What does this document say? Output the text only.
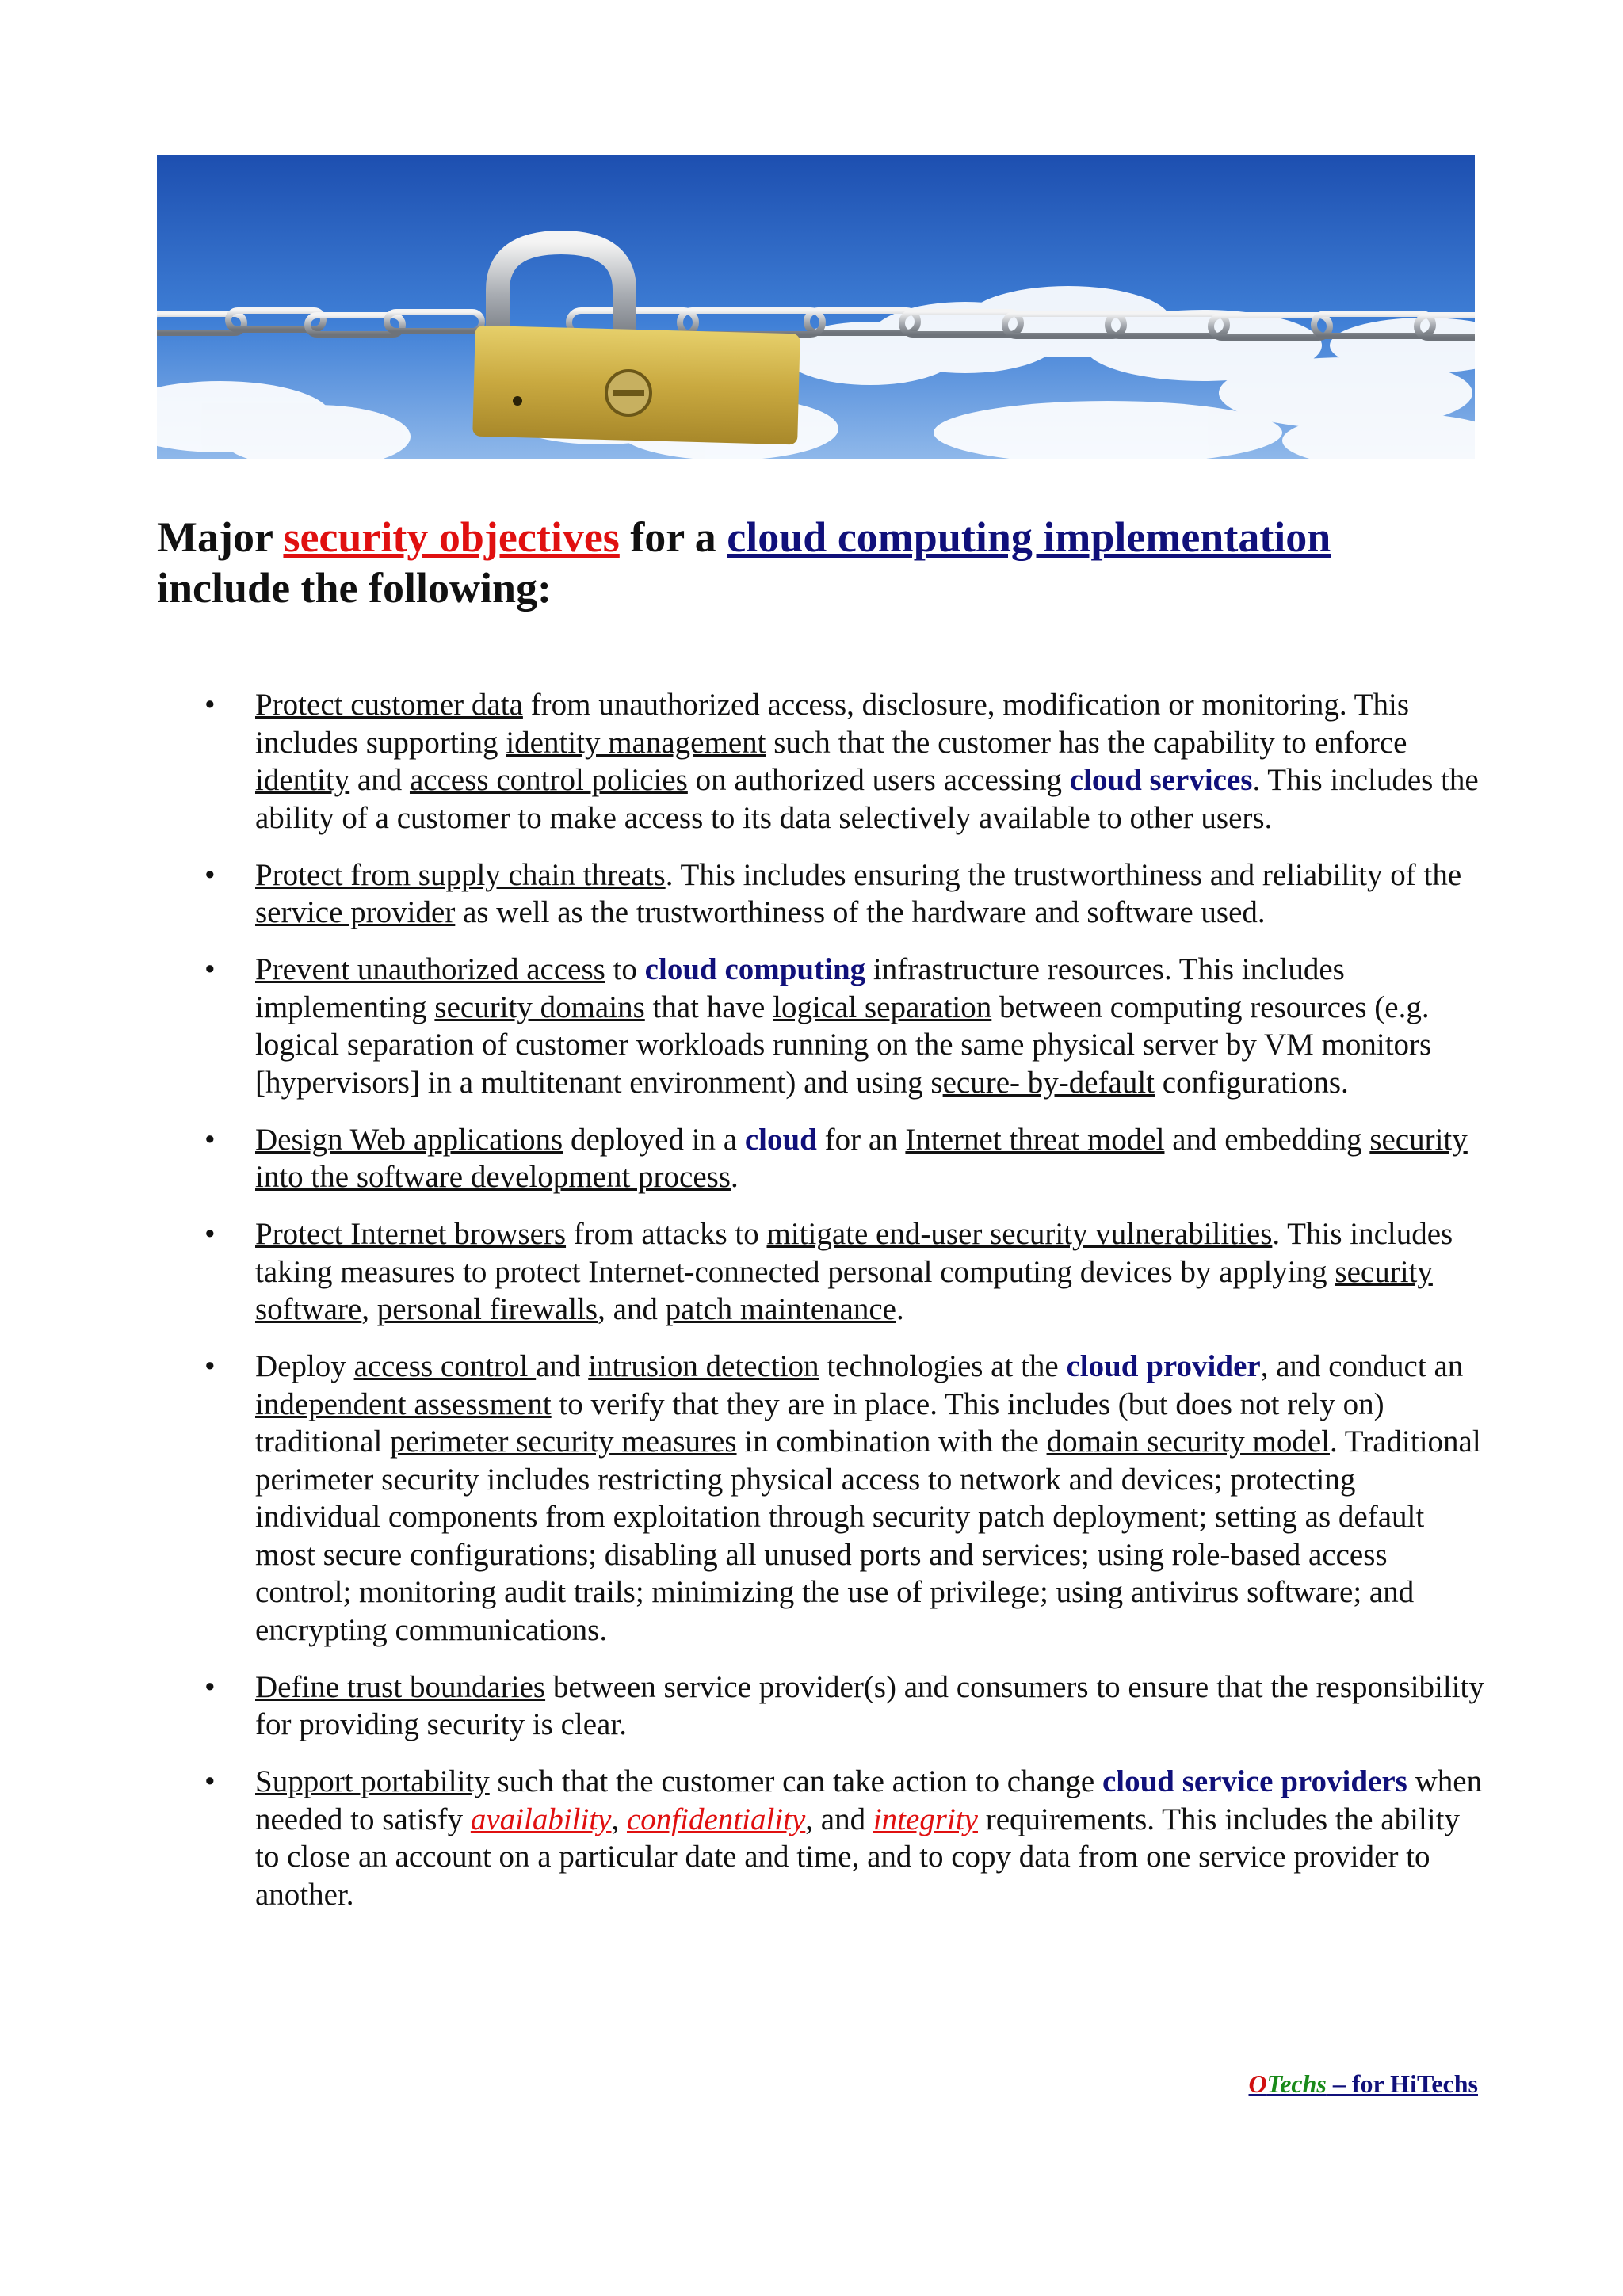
Major security objectives for a cloud computing implementation
include the following:
• Protect customer data from unauthorized access, disclosure, modification or monitoring. This includes supporting identity management such that the customer has the capability to enforce identity and access control policies on authorized users accessing cloud services. This includes the ability of a customer to make access to its data selectively available to other users.
• Protect from supply chain threats. This includes ensuring the trustworthiness and reliability of the service provider as well as the trustworthiness of the hardware and software used.
• Prevent unauthorized access to cloud computing infrastructure resources. This includes implementing security domains that have logical separation between computing resources (e.g. logical separation of customer workloads running on the same physical server by VM monitors [hypervisors] in a multitenant environment) and using secure- by-default configurations.
• Design Web applications deployed in a cloud for an Internet threat model and embedding security into the software development process.
• Protect Internet browsers from attacks to mitigate end-user security vulnerabilities. This includes taking measures to protect Internet-connected personal computing devices by applying security software, personal firewalls, and patch maintenance.
• Deploy access control and intrusion detection technologies at the cloud provider, and conduct an independent assessment to verify that they are in place. This includes (but does not rely on) traditional perimeter security measures in combination with the domain security model. Traditional perimeter security includes restricting physical access to network and devices; protecting individual components from exploitation through security patch deployment; setting as default most secure configurations; disabling all unused ports and services; using role-based access control; monitoring audit trails; minimizing the use of privilege; using antivirus software; and encrypting communications.
• Define trust boundaries between service provider(s) and consumers to ensure that the responsibility for providing security is clear.
• Support portability such that the customer can take action to change cloud service providers when needed to satisfy availability, confidentiality, and integrity requirements. This includes the ability to close an account on a particular date and time, and to copy data from one service provider to another.
OTechs – for HiTechs
